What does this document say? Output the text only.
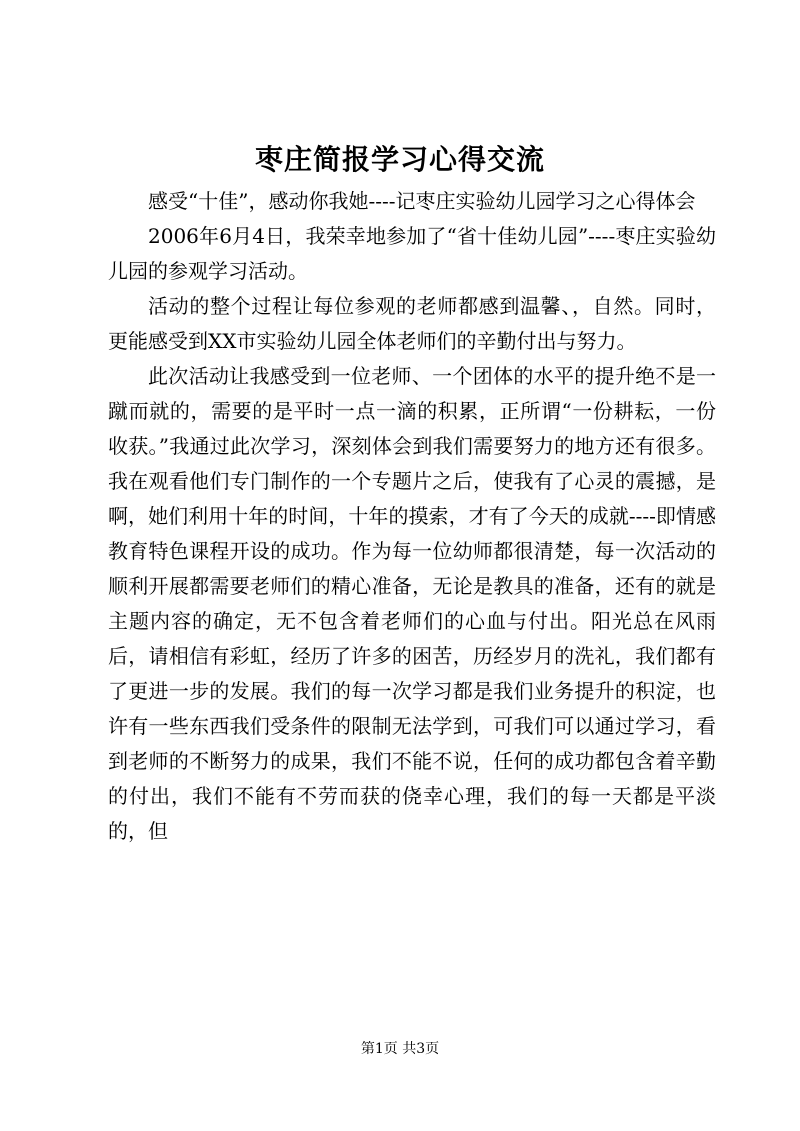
枣庄简报学习心得交流

感受“十佳”，感动你我她----记枣庄实验幼儿园学习之心得体会

2006年6月4日，我荣幸地参加了“省十佳幼儿园”----枣庄实验幼儿园的参观学习活动。

活动的整个过程让每位参观的老师都感到温馨、，自然。同时，更能感受到XX市实验幼儿园全体老师们的辛勤付出与努力。

此次活动让我感受到一位老师、一个团体的水平的提升绝不是一蹴而就的，需要的是平时一点一滴的积累，正所谓“一份耕耘，一份收获。”我通过此次学习，深刻体会到我们需要努力的地方还有很多。我在观看他们专门制作的一个专题片之后，使我有了心灵的震撼，是啊，她们利用十年的时间，十年的摸索，才有了今天的成就----即情感教育特色课程开设的成功。作为每一位幼师都很清楚，每一次活动的顺利开展都需要老师们的精心准备，无论是教具的准备，还有的就是主题内容的确定，无不包含着老师们的心血与付出。阳光总在风雨后，请相信有彩虹，经历了许多的困苦，历经岁月的洗礼，我们都有了更进一步的发展。我们的每一次学习都是我们业务提升的积淀，也许有一些东西我们受条件的限制无法学到，可我们可以通过学习，看到老师的不断努力的成果，我们不能不说，任何的成功都包含着辛勤的付出，我们不能有不劳而获的侥幸心理，我们的每一天都是平淡的，但

第1页 共3页
